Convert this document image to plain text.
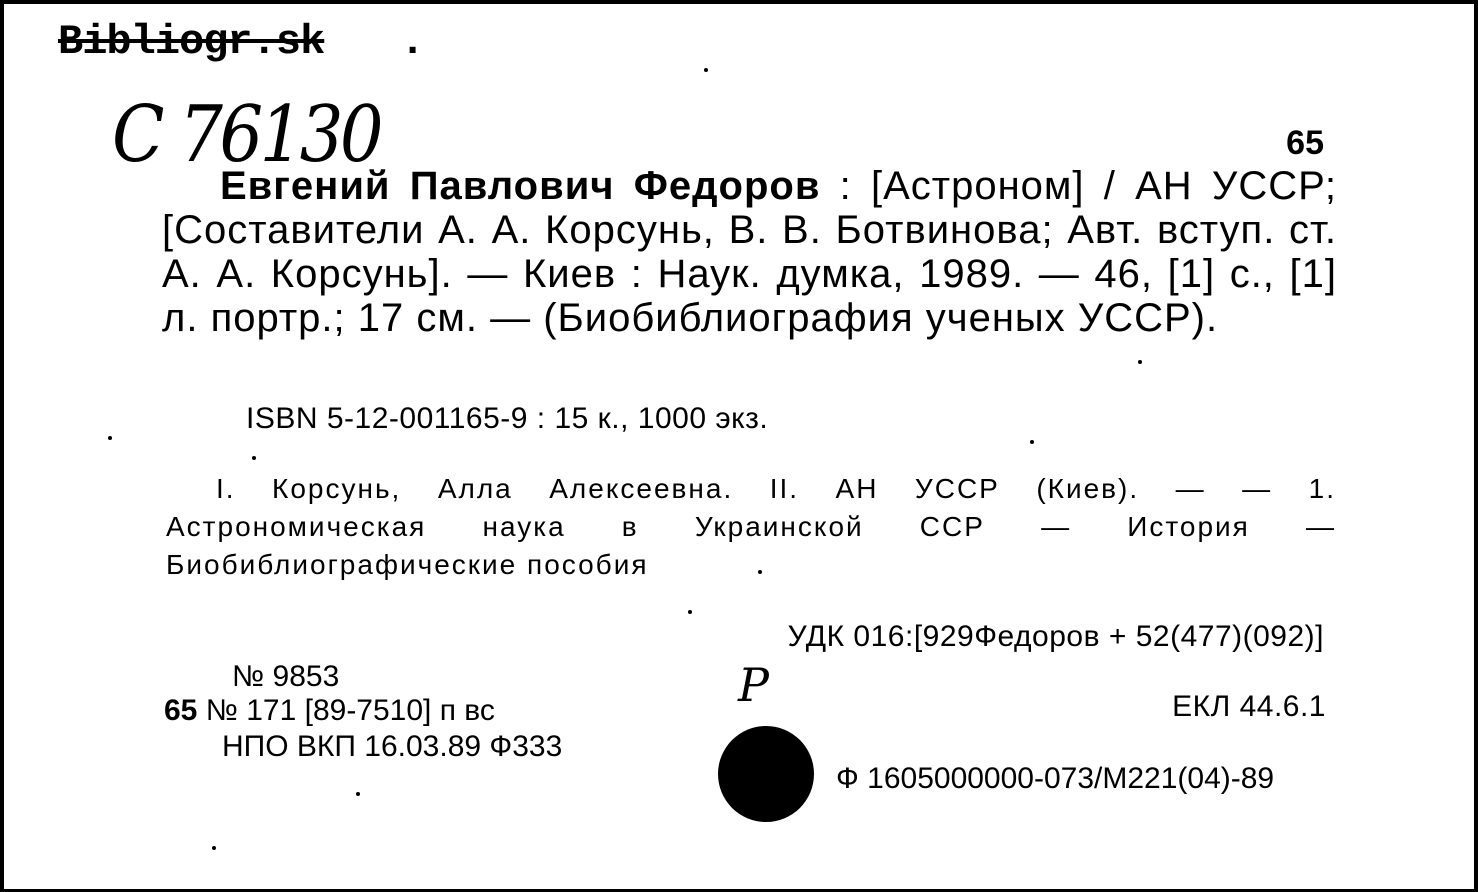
Bibliogr.sk .
C 76130	65

Евгений Павлович Федоров : [Астроном] / АН УССР; [Составители А. А. Корсунь, В. В. Ботвинова; Авт. вступ. ст. А. А. Корсунь]. — Киев : Наук. думка, 1989. — 46, [1] с., [1] л. портр.; 17 см. — (Биобиблиография ученых УССР).

ISBN 5-12-001165-9 : 15 к., 1000 экз.

I. Корсунь, Алла Алексеевна. II. АН УССР (Киев). — — 1. Астрономическая наука в Украинской ССР — История — Биобиблиографические пособия

УДК 016:[929Федоров + 52(477)(092)]
№ 9853
65 № 171 [89-7510] п вс
НПО ВКП 16.03.89 Ф333
P	ЕКЛ 44.6.1
Ф 1605000000-073/М221(04)-89
